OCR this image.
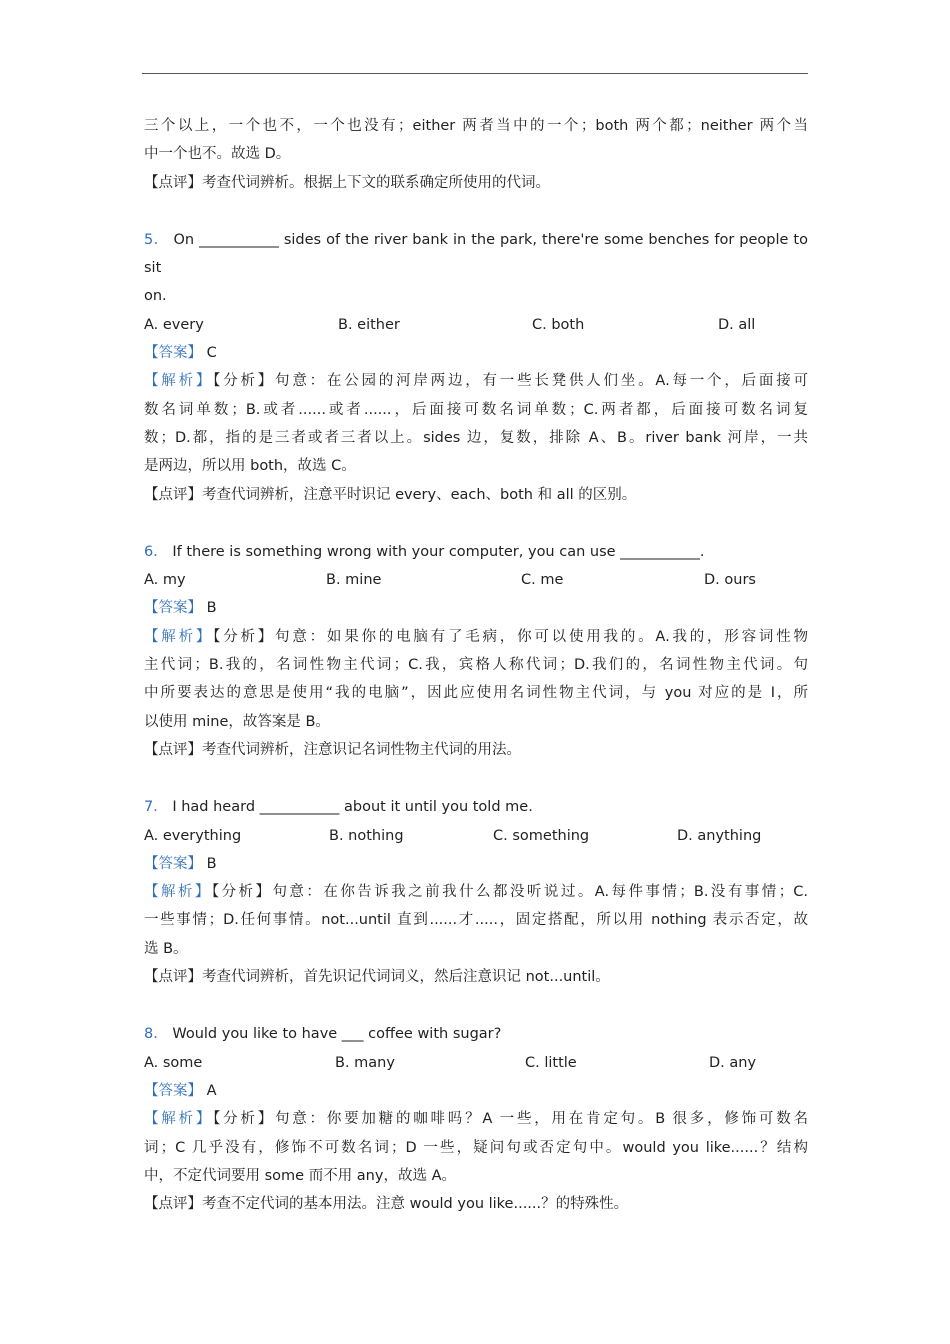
三个以上，一个也不，一个也没有；either 两者当中的一个；both 两个都；neither 两个当
中一个也不。故选 D。
【点评】考查代词辨析。根据上下文的联系确定所使用的代词。
5． On ___________ sides of the river bank in the park, there're some benches for people to sit
on.
A. every	B. either	C. both	D. all
【答案】 C
【解析】【分析】句意：在公园的河岸两边，有一些长凳供人们坐。A.每一个，后面接可
数名词单数；B.或者......或者......，后面接可数名词单数；C.两者都，后面接可数名词复
数；D.都，指的是三者或者三者以上。sides 边，复数，排除 A、B。river bank 河岸，一共
是两边，所以用 both，故选 C。
【点评】考查代词辨析，注意平时识记 every、each、both 和 all 的区别。
6． If there is something wrong with your computer, you can use ___________.
A. my	B. mine	C. me	D. ours
【答案】 B
【解析】【分析】句意：如果你的电脑有了毛病，你可以使用我的。A.我的，形容词性物
主代词；B.我的，名词性物主代词；C.我，宾格人称代词；D.我们的，名词性物主代词。句
中所要表达的意思是使用“我的电脑”，因此应使用名词性物主代词，与 you 对应的是 I，所
以使用 mine，故答案是 B。
【点评】考查代词辨析，注意识记名词性物主代词的用法。
7． I had heard ___________ about it until you told me.
A. everything	B. nothing	C. something	D. anything
【答案】 B
【解析】【分析】句意：在你告诉我之前我什么都没听说过。A.每件事情；B.没有事情；C.
一些事情；D.任何事情。not...until 直到......才.....，固定搭配，所以用 nothing 表示否定，故
选 B。
【点评】考查代词辨析，首先识记代词词义，然后注意识记 not...until。
8． Would you like to have ___ coffee with sugar?
A. some	B. many	C. little	D. any
【答案】 A
【解析】【分析】句意：你要加糖的咖啡吗？A 一些，用在肯定句。B 很多，修饰可数名
词；C 几乎没有，修饰不可数名词；D 一些，疑问句或否定句中。would you like......？结构
中，不定代词要用 some 而不用 any，故选 A。
【点评】考查不定代词的基本用法。注意 would you like......？的特殊性。
